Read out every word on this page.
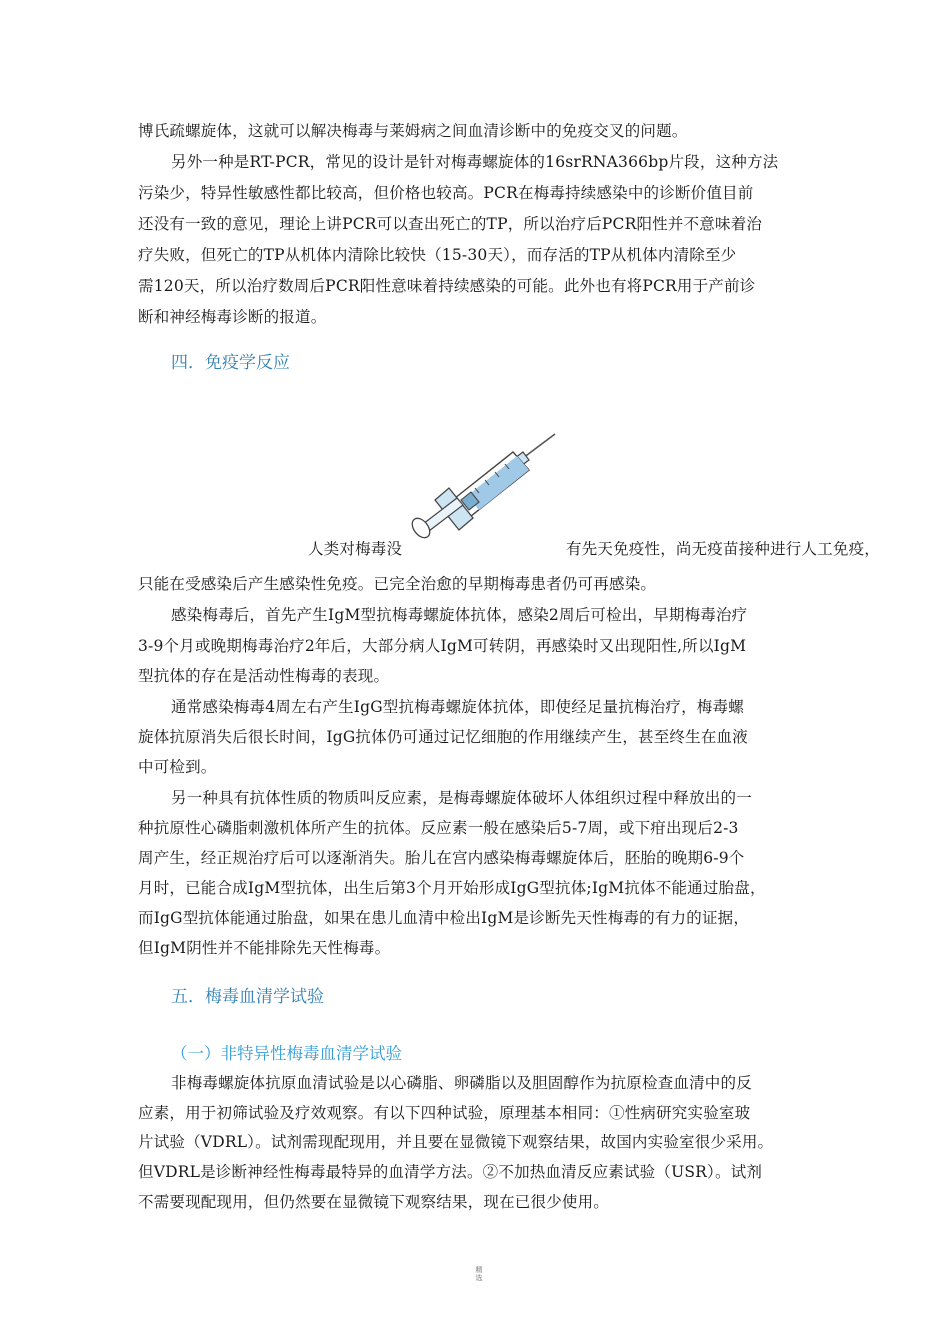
博氏疏螺旋体，这就可以解决梅毒与莱姆病之间血清诊断中的免疫交叉的问题。
另外一种是RT-PCR，常见的设计是针对梅毒螺旋体的16srRNA366bp片段，这种方法
污染少，特异性敏感性都比较高，但价格也较高。PCR在梅毒持续感染中的诊断价值目前
还没有一致的意见，理论上讲PCR可以查出死亡的TP，所以治疗后PCR阳性并不意味着治
疗失败，但死亡的TP从机体内清除比较快（15-30天），而存活的TP从机体内清除至少
需120天，所以治疗数周后PCR阳性意味着持续感染的可能。此外也有将PCR用于产前诊
断和神经梅毒诊断的报道。
四．免疫学反应
人类对梅毒没	有先天免疫性，尚无疫苗接种进行人工免疫，
只能在受感染后产生感染性免疫。已完全治愈的早期梅毒患者仍可再感染。
感染梅毒后，首先产生IgM型抗梅毒螺旋体抗体，感染2周后可检出，早期梅毒治疗
3-9个月或晚期梅毒治疗2年后，大部分病人IgM可转阴，再感染时又出现阳性,所以IgM
型抗体的存在是活动性梅毒的表现。
通常感染梅毒4周左右产生IgG型抗梅毒螺旋体抗体，即使经足量抗梅治疗，梅毒螺
旋体抗原消失后很长时间，IgG抗体仍可通过记忆细胞的作用继续产生，甚至终生在血液
中可检到。
另一种具有抗体性质的物质叫反应素，是梅毒螺旋体破坏人体组织过程中释放出的一
种抗原性心磷脂刺激机体所产生的抗体。反应素一般在感染后5-7周，或下疳出现后2-3
周产生，经正规治疗后可以逐渐消失。胎儿在宫内感染梅毒螺旋体后，胚胎的晚期6-9个
月时，已能合成IgM型抗体，出生后第3个月开始形成IgG型抗体;IgM抗体不能通过胎盘，
而IgG型抗体能通过胎盘，如果在患儿血清中检出IgM是诊断先天性梅毒的有力的证据，
但IgM阴性并不能排除先天性梅毒。
五．梅毒血清学试验
（一）非特异性梅毒血清学试验
非梅毒螺旋体抗原血清试验是以心磷脂、卵磷脂以及胆固醇作为抗原检查血清中的反
应素，用于初筛试验及疗效观察。有以下四种试验，原理基本相同：①性病研究实验室玻
片试验（VDRL）。试剂需现配现用，并且要在显微镜下观察结果，故国内实验室很少采用。
但VDRL是诊断神经性梅毒最特异的血清学方法。②不加热血清反应素试验（USR）。试剂
不需要现配现用，但仍然要在显微镜下观察结果，现在已很少使用。
精选
